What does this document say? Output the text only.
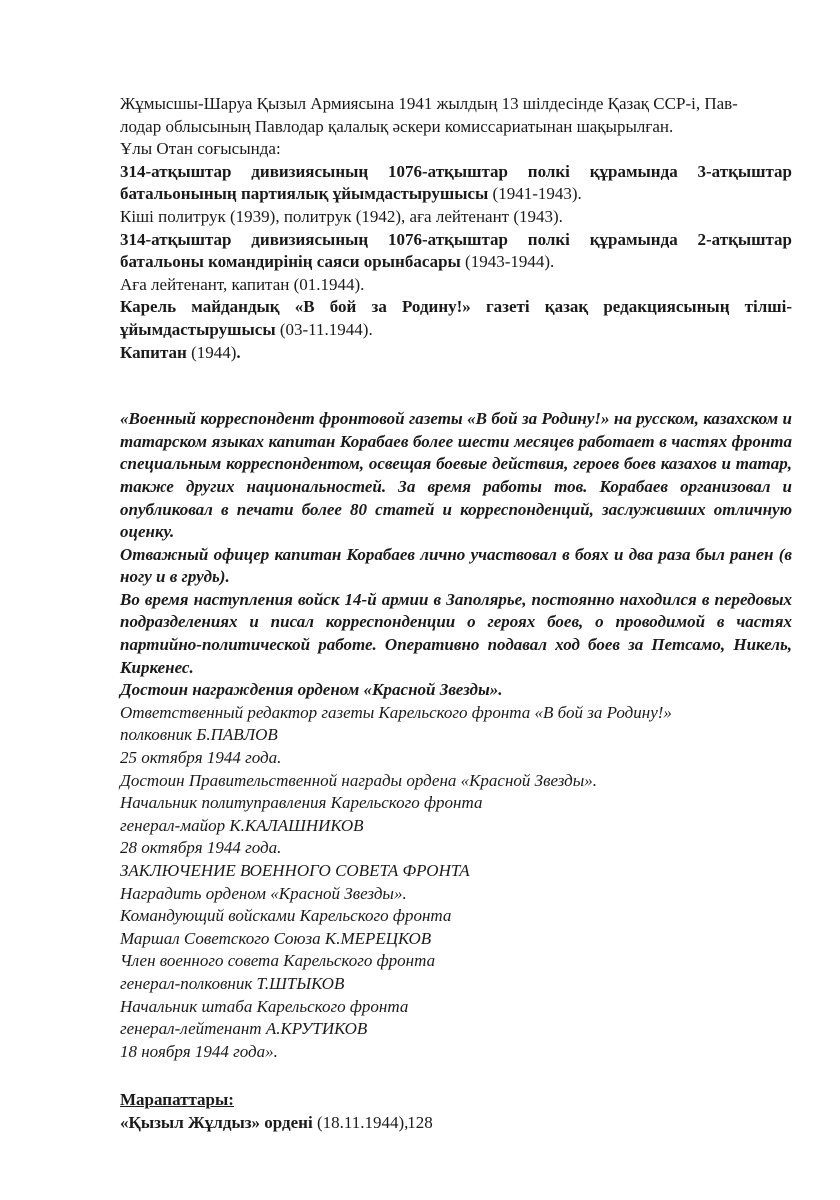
Жұмысшы-Шаруа Қызыл Армиясына 1941 жылдың 13 шілдесінде Қазақ ССР-і, Пав-
лодар облысының Павлодар қалалық әскери комиссариатынан шақырылған.

Ұлы Отан соғысында:

314-атқыштар дивизиясының 1076-атқыштар полкі құрамында 3-атқыштар батальонының партиялық ұйымдастырушысы (1941-1943).

Кіші политрук (1939), политрук (1942), аға лейтенант (1943).

314-атқыштар дивизиясының 1076-атқыштар полкі құрамында 2-атқыштар батальоны командирінің саяси орынбасары (1943-1944).

Аға лейтенант, капитан (01.1944).

Карель майдандық «В бой за Родину!» газеті қазақ редакциясының тілші-ұйымдастырушысы (03-11.1944).

Капитан (1944).

«Военный корреспондент фронтовой газеты «В бой за Родину!» на русском, казахском и татарском языках капитан Корабаев более шести месяцев работает в частях фронта специальным корреспондентом, освещая боевые действия, героев боев казахов и татар, также других национальностей. За время работы тов. Корабаев организовал и опубликовал в печати более 80 статей и корреспонденций, заслуживших отличную оценку.

Отважный офицер капитан Корабаев лично участвовал в боях и два раза был ранен (в ногу и в грудь).

Во время наступления войск 14-й армии в Заполярье, постоянно находился в передовых подразделениях и писал корреспонденции о героях боев, о проводимой в частях партийно-политической работе. Оперативно подавал ход боев за Петсамо, Никель, Киркенес.

Достоин награждения орденом «Красной Звезды».

Ответственный редактор газеты Карельского фронта «В бой за Родину!»
полковник Б.ПАВЛОВ
25 октября 1944 года.
Достоин Правительственной награды ордена «Красной Звезды».
Начальник политуправления Карельского фронта
генерал-майор К.КАЛАШНИКОВ
28 октября 1944 года.
ЗАКЛЮЧЕНИЕ ВОЕННОГО СОВЕТА ФРОНТА
Наградить орденом «Красной Звезды».
Командующий войсками Карельского фронта
Маршал Советского Союза К.МЕРЕЦКОВ
Член военного совета Карельского фронта
генерал-полковник Т.ШТЫКОВ
Начальник штаба Карельского фронта
генерал-лейтенант А.КРУТИКОВ
18 ноября 1944 года».
Марапаттары:
«Қызыл Жұлдыз» ордені (18.11.1944),
128
